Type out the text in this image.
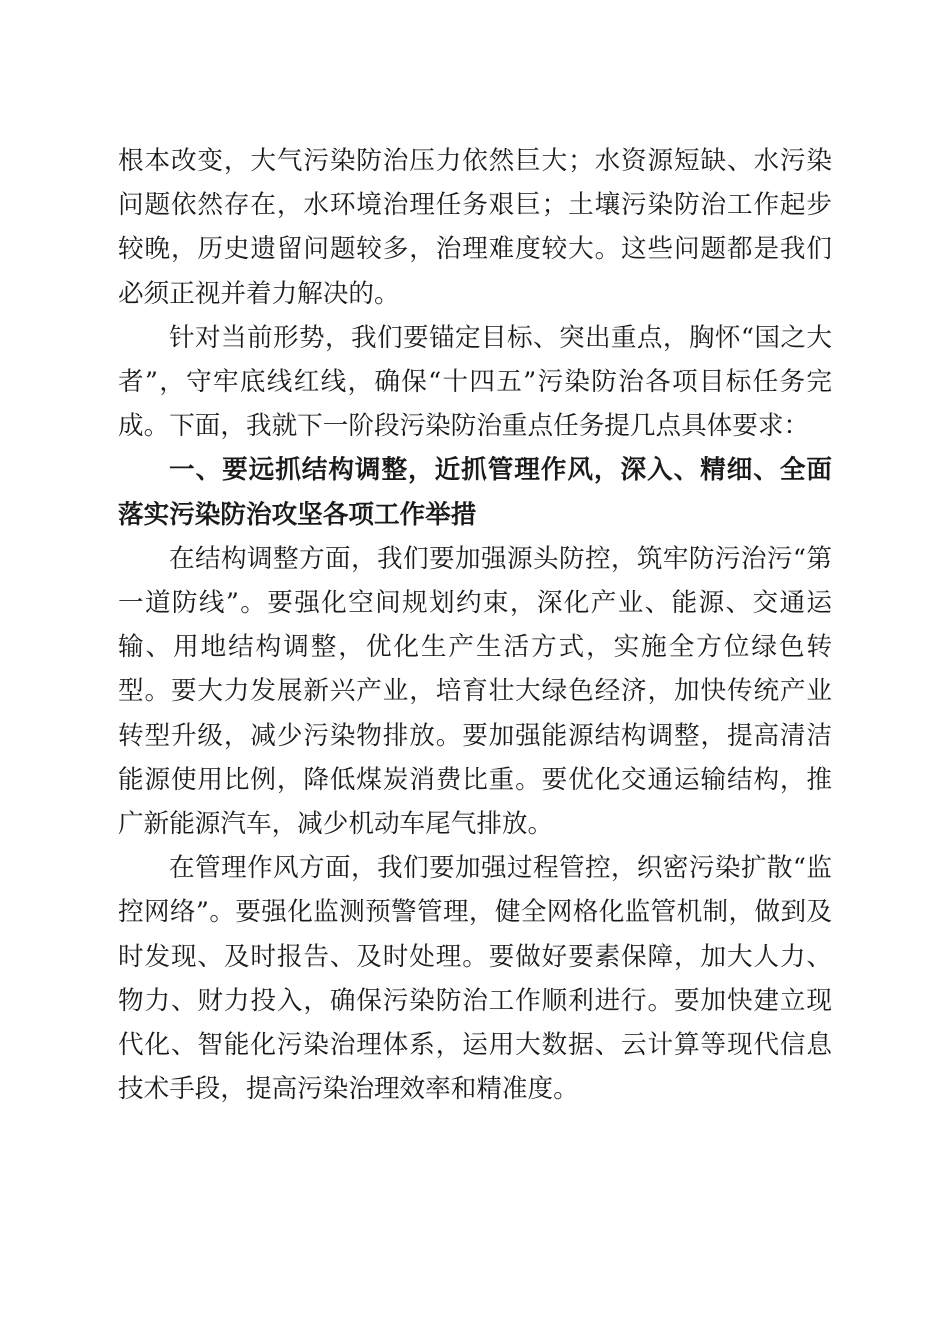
根本改变，大气污染防治压力依然巨大；水资源短缺、水污染问题依然存在，水环境治理任务艰巨；土壤污染防治工作起步较晚，历史遗留问题较多，治理难度较大。这些问题都是我们必须正视并着力解决的。

针对当前形势，我们要锚定目标、突出重点，胸怀“国之大者”，守牢底线红线，确保“十四五”污染防治各项目标任务完成。下面，我就下一阶段污染防治重点任务提几点具体要求：

一、要远抓结构调整，近抓管理作风，深入、精细、全面落实污染防治攻坚各项工作举措

在结构调整方面，我们要加强源头防控，筑牢防污治污“第一道防线”。要强化空间规划约束，深化产业、能源、交通运输、用地结构调整，优化生产生活方式，实施全方位绿色转型。要大力发展新兴产业，培育壮大绿色经济，加快传统产业转型升级，减少污染物排放。要加强能源结构调整，提高清洁能源使用比例，降低煤炭消费比重。要优化交通运输结构，推广新能源汽车，减少机动车尾气排放。

在管理作风方面，我们要加强过程管控，织密污染扩散“监控网络”。要强化监测预警管理，健全网格化监管机制，做到及时发现、及时报告、及时处理。要做好要素保障，加大人力、物力、财力投入，确保污染防治工作顺利进行。要加快建立现代化、智能化污染治理体系，运用大数据、云计算等现代信息技术手段，提高污染治理效率和精准度。
